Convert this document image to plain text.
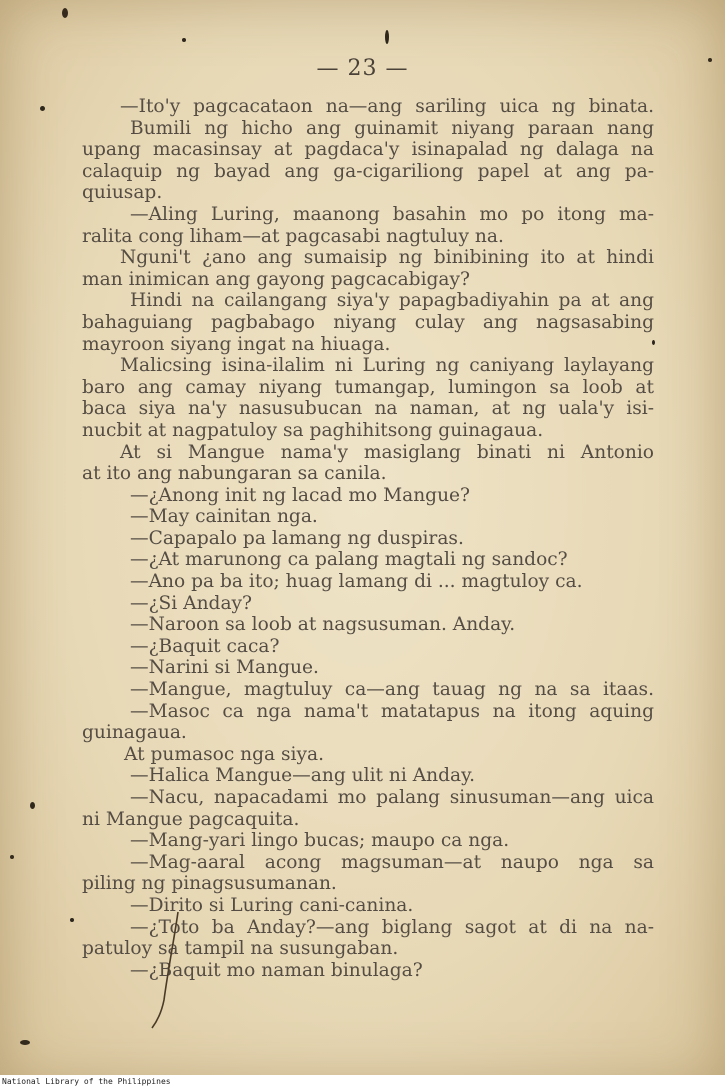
— 23 —
—Ito'y pagcacataon na—ang sariling uica ng binata.
Bumili ng hicho ang guinamit niyang paraan nang
upang macasinsay at pagdaca'y isinapalad ng dalaga na
calaquip ng bayad ang ga-cigariliong papel at ang pa-
quiusap.
—Aling Luring, maanong basahin mo po itong ma-
ralita cong liham—at pagcasabi nagtuluy na.
Nguni't ¿ano ang sumaisip ng binibining ito at hindi
man inimican ang gayong pagcacabigay?
Hindi na cailangang siya'y papagbadiyahin pa at ang
bahaguiang pagbabago niyang culay ang nagsasabing
mayroon siyang ingat na hiuaga.
Malicsing isina-ilalim ni Luring ng caniyang laylayang
baro ang camay niyang tumangap, lumingon sa loob at
baca siya na'y nasusubucan na naman, at ng uala'y isi-
nucbit at nagpatuloy sa paghihitsong guinagaua.
At si Mangue nama'y masiglang binati ni Antonio
at ito ang nabungaran sa canila.
—¿Anong init ng lacad mo Mangue?
—May cainitan nga.
—Capapalo pa lamang ng duspiras.
—¿At marunong ca palang magtali ng sandoc?
—Ano pa ba ito; huag lamang di ... magtuloy ca.
—¿Si Anday?
—Naroon sa loob at nagsusuman. Anday.
—¿Baquit caca?
—Narini si Mangue.
—Mangue, magtuluy ca—ang tauag ng na sa itaas.
—Masoc ca nga nama't matatapus na itong aquing
guinagaua.
At pumasoc nga siya.
—Halica Mangue—ang ulit ni Anday.
—Nacu, napacadami mo palang sinusuman—ang uica
ni Mangue pagcaquita.
—Mang-yari lingo bucas; maupo ca nga.
—Mag-aaral acong magsuman—at naupo nga sa
piling ng pinagsusumanan.
—Dirito si Luring cani-canina.
—¿Toto ba Anday?—ang biglang sagot at di na na-
patuloy sa tampil na susungaban.
—¿Baquit mo naman binulaga?
National Library of the Philippines
